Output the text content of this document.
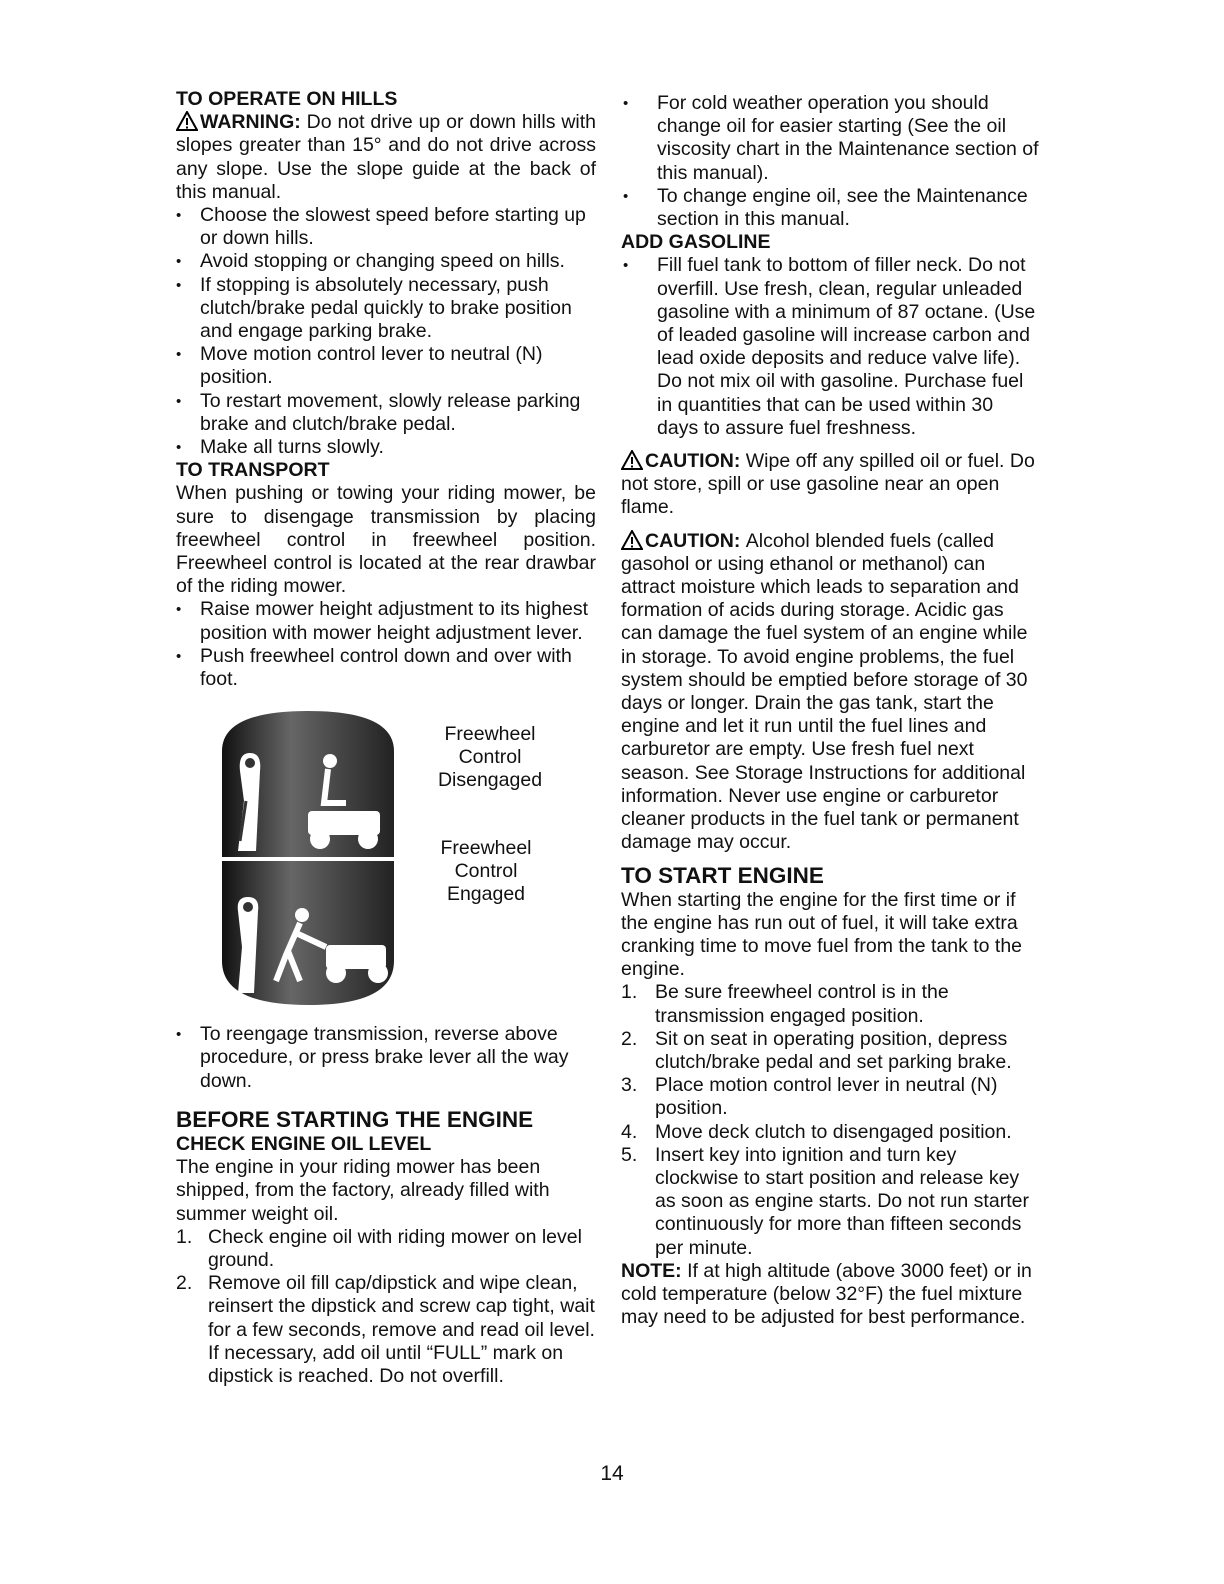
TO OPERATE ON HILLS

WARNING: Do not drive up or down hills with slopes greater than 15° and do not drive across any slope. Use the slope guide at the back of this manual.

• Choose the slowest speed before starting up or down hills.
• Avoid stopping or changing speed on hills.
• If stopping is absolutely necessary, push clutch/brake pedal quickly to brake position and engage parking brake.
• Move motion control lever to neutral (N) position.
• To restart movement, slowly release parking brake and clutch/brake pedal.
• Make all turns slowly.
TO TRANSPORT

When pushing or towing your riding mower, be sure to disengage transmission by placing freewheel control in freewheel position. Freewheel control is located at the rear drawbar of the riding mower.

• Raise mower height adjustment to its highest position with mower height adjustment lever.
• Push freewheel control down and over with foot.
Freewheel
Control
Disengaged
Freewheel
Control
Engaged
• To reengage transmission, reverse above procedure, or press brake lever all the way down.
BEFORE STARTING THE ENGINE
CHECK ENGINE OIL LEVEL

The engine in your riding mower has been shipped, from the factory, already filled with summer weight oil.

1. Check engine oil with riding mower on level ground.
2. Remove oil fill cap/dipstick and wipe clean, reinsert the dipstick and screw cap tight, wait for a few seconds, remove and read oil level. If necessary, add oil until “FULL” mark on dipstick is reached. Do not overfill.
• For cold weather operation you should change oil for easier starting (See the oil viscosity chart in the Maintenance section of this manual).
• To change engine oil, see the Maintenance section in this manual.
ADD GASOLINE
• Fill fuel tank to bottom of filler neck. Do not overfill. Use fresh, clean, regular unleaded gasoline with a minimum of 87 octane. (Use of leaded gasoline will increase carbon and lead oxide deposits and reduce valve life). Do not mix oil with gasoline. Purchase fuel in quantities that can be used within 30 days to assure fuel freshness.

CAUTION: Wipe off any spilled oil or fuel. Do not store, spill or use gasoline near an open flame.

CAUTION: Alcohol blended fuels (called gasohol or using ethanol or methanol) can attract moisture which leads to separation and formation of acids during storage. Acidic gas can damage the fuel system of an engine while in storage. To avoid engine problems, the fuel system should be emptied before storage of 30 days or longer. Drain the gas tank, start the engine and let it run until the fuel lines and carburetor are empty. Use fresh fuel next season. See Storage Instructions for additional information. Never use engine or carburetor cleaner products in the fuel tank or permanent damage may occur.

TO START ENGINE

When starting the engine for the first time or if the engine has run out of fuel, it will take extra cranking time to move fuel from the tank to the engine.

1. Be sure freewheel control is in the transmission engaged position.
2. Sit on seat in operating position, depress clutch/brake pedal and set parking brake.
3. Place motion control lever in neutral (N) position.
4. Move deck clutch to disengaged position.
5. Insert key into ignition and turn key clockwise to start position and release key as soon as engine starts. Do not run starter continuously for more than fifteen seconds per minute.

NOTE: If at high altitude (above 3000 feet) or in cold temperature (below 32°F) the fuel mixture may need to be adjusted for best performance.

14
